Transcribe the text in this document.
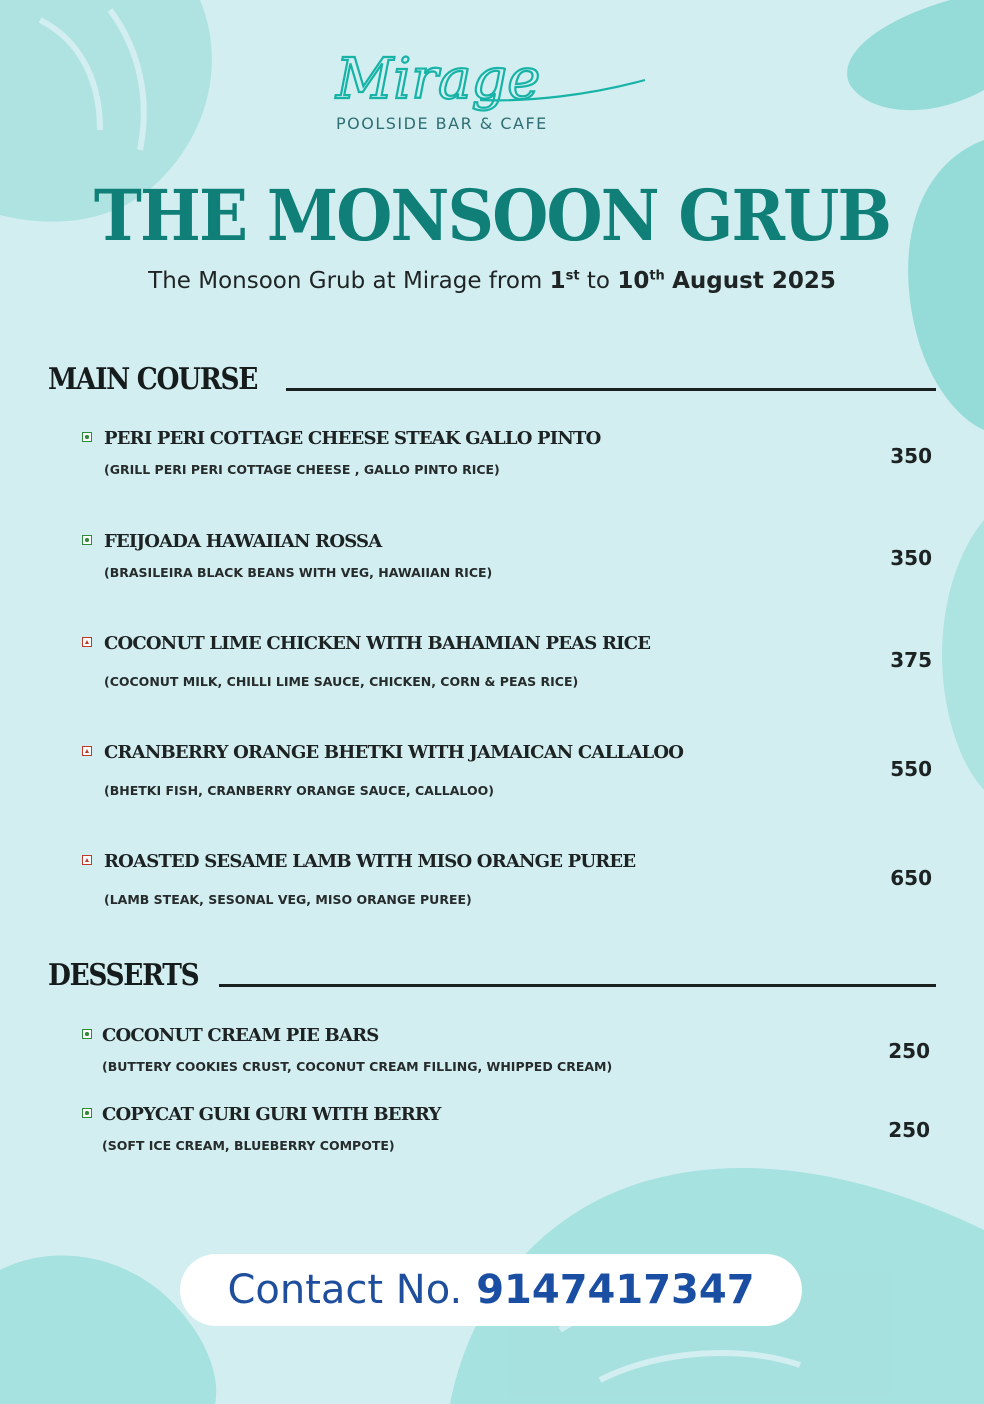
Mirage
POOLSIDE BAR & CAFE
THE MONSOON GRUB
The Monsoon Grub at Mirage from 1st to 10th August 2025
MAIN COURSE
PERI PERI COTTAGE CHEESE STEAK GALLO PINTO
(GRILL PERI PERI COTTAGE CHEESE , GALLO PINTO RICE)
350
FEIJOADA HAWAIIAN ROSSA
(BRASILEIRA BLACK BEANS WITH VEG, HAWAIIAN RICE)
350
COCONUT LIME CHICKEN WITH BAHAMIAN PEAS RICE
(COCONUT MILK, CHILLI LIME SAUCE, CHICKEN, CORN & PEAS RICE)
375
CRANBERRY ORANGE BHETKI WITH JAMAICAN CALLALOO
(BHETKI FISH, CRANBERRY ORANGE SAUCE, CALLALOO)
550
ROASTED SESAME LAMB WITH MISO ORANGE PUREE
(LAMB STEAK, SESONAL VEG, MISO ORANGE PUREE)
650
DESSERTS
COCONUT CREAM PIE BARS
(BUTTERY COOKIES CRUST, COCONUT CREAM FILLING, WHIPPED CREAM)
250
COPYCAT GURI GURI WITH BERRY
(SOFT ICE CREAM, BLUEBERRY COMPOTE)
250
Contact No. 9147417347
